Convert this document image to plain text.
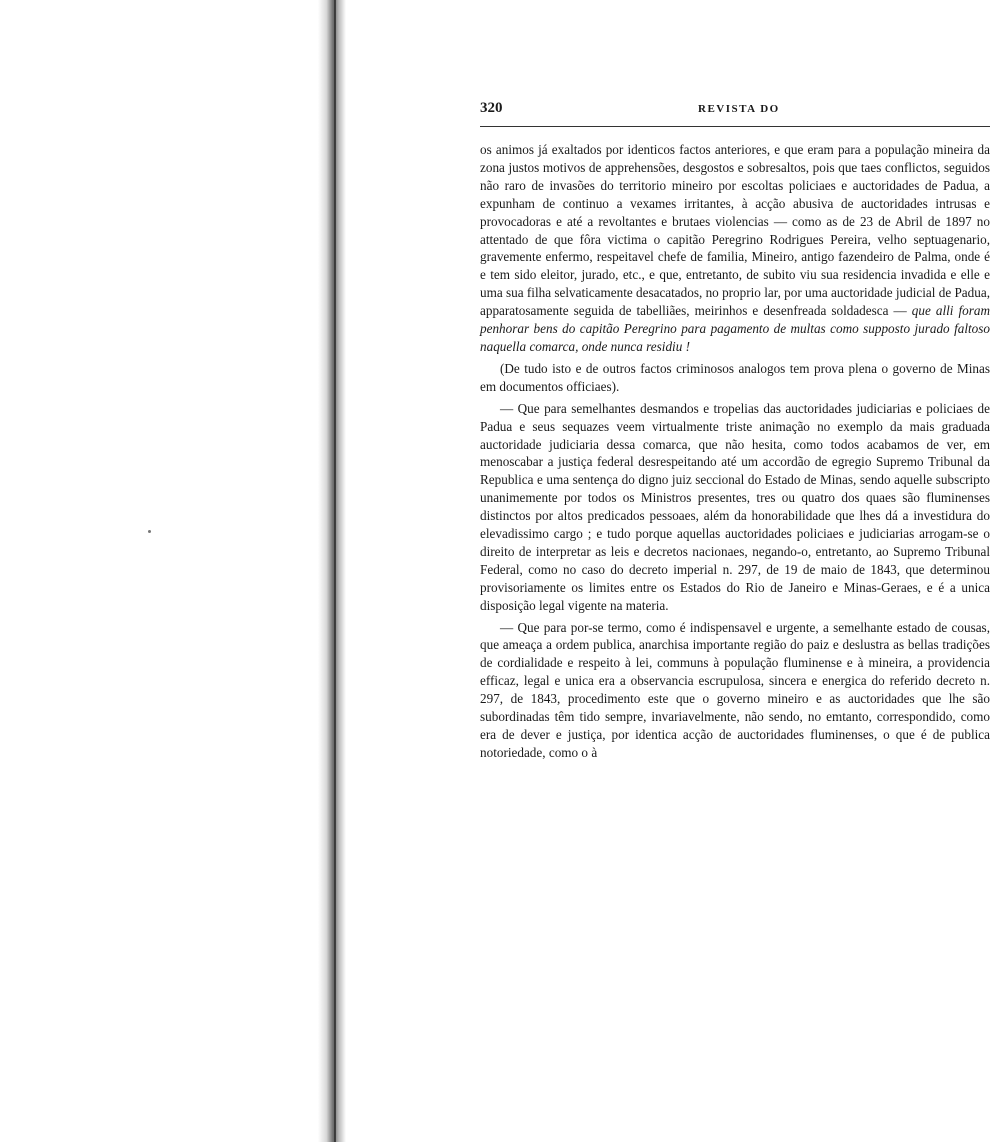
320	REVISTA DO

os animos já exaltados por identicos factos anteriores, e que eram para a população mineira da zona justos motivos de apprehensões, desgostos e sobresaltos, pois que taes conflictos, seguidos não raro de invasões do territorio mineiro por escoltas policiaes e auctoridades de Padua, a expunham de continuo a vexames irritantes, à acção abusiva de auctoridades intrusas e provocadoras e até a revoltantes e brutaes violencias — como as de 23 de Abril de 1897 no attentado de que fôra victima o capitão Peregrino Rodrigues Pereira, velho septuagenario, gravemente enfermo, respeitavel chefe de familia, Mineiro, antigo fazendeiro de Palma, onde é e tem sido eleitor, jurado, etc., e que, entretanto, de subito viu sua residencia invadida e elle e uma sua filha selvaticamente desacatados, no proprio lar, por uma auctoridade judicial de Padua, apparatosamente seguida de tabelliães, meirinhos e desenfreada soldadesca — que alli foram penhorar bens do capitão Peregrino para pagamento de multas como supposto jurado faltoso naquella comarca, onde nunca residiu !

(De tudo isto e de outros factos criminosos analogos tem prova plena o governo de Minas em documentos officiaes).

— Que para semelhantes desmandos e tropelias das auctoridades judiciarias e policiaes de Padua e seus sequazes veem virtualmente triste animação no exemplo da mais graduada auctoridade judiciaria dessa comarca, que não hesita, como todos acabamos de ver, em menoscabar a justiça federal desrespeitando até um accordão de egregio Supremo Tribunal da Republica e uma sentença do digno juiz seccional do Estado de Minas, sendo aquelle subscripto unanimemente por todos os Ministros presentes, tres ou quatro dos quaes são fluminenses distinctos por altos predicados pessoaes, além da honorabilidade que lhes dá a investidura do elevadissimo cargo ; e tudo porque aquellas auctoridades policiaes e judiciarias arrogam-se o direito de interpretar as leis e decretos nacionaes, negando-o, entretanto, ao Supremo Tribunal Federal, como no caso do decreto imperial n. 297, de 19 de maio de 1843, que determinou provisoriamente os limites entre os Estados do Rio de Janeiro e Minas-Geraes, e é a unica disposição legal vigente na materia.

— Que para por-se termo, como é indispensavel e urgente, a semelhante estado de cousas, que ameaça a ordem publica, anarchisa importante região do paiz e deslustra as bellas tradições de cordialidade e respeito à lei, communs à população fluminense e à mineira, a providencia efficaz, legal e unica era a observancia escrupulosa, sincera e energica do referido decreto n. 297, de 1843, procedimento este que o governo mineiro e as auctoridades que lhe são subordinadas têm tido sempre, invariavelmente, não sendo, no emtanto, correspondido, como era de dever e justiça, por identica acção de auctoridades fluminenses, o que é de publica notoriedade, como o à
